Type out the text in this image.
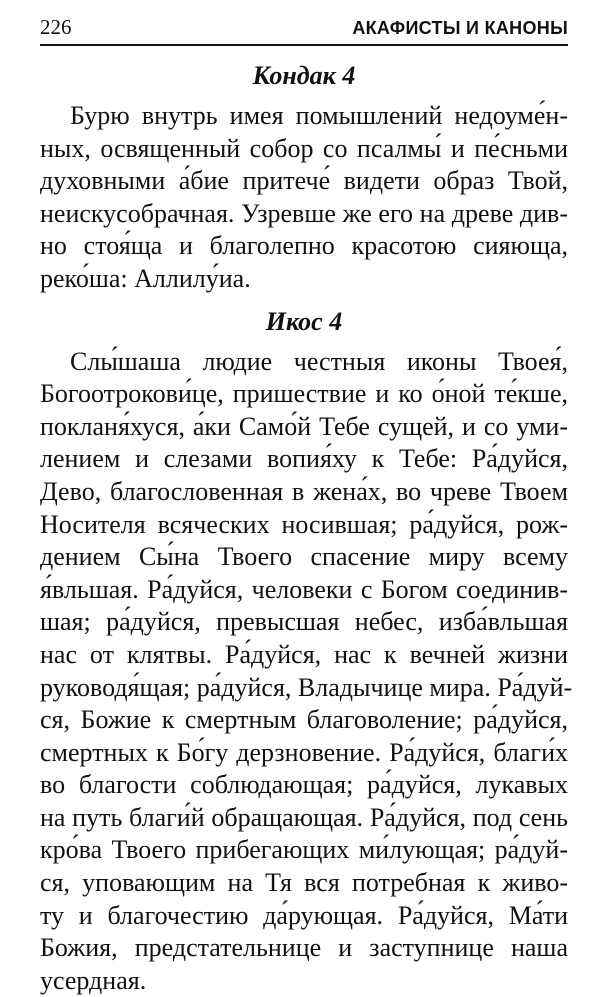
226	АКАФИСТЫ И КАНОНЫ
Кондак 4
Бурю внутрь имея помышлений недоуме́н-
ных, освященный собор со псалмы́ и пе́сньми
духовными а́бие притече́ видети образ Твой,
неискусобрачная. Узревше же его на древе див-
но стоя́ща и благолепно красотою сияюща,
реко́ша: Аллилу́иа.
Икос 4
Слы́шаша людие честныя иконы Твоея́,
Богоотрокови́це, пришествие и ко о́ной те́кше,
покланя́хуся, а́ки Само́й Тебе сущей, и со уми-
лением и слезами вопия́ху к Тебе: Ра́дуйся,
Дево, благословенная в жена́х, во чреве Твоем
Носителя всяческих носившая; ра́дуйся, рож-
дением Сы́на Твоего спасение миру всему
я́вльшая. Ра́дуйся, человеки с Богом соединив-
шая; ра́дуйся, превысшая небес, изба́вльшая
нас от клятвы. Ра́дуйся, нас к вечней жизни
руководя́щая; ра́дуйся, Владычице мира. Ра́дуй-
ся, Божие к смертным благоволение; ра́дуйся,
смертных к Бо́гу дерзновение. Ра́дуйся, благи́х
во благости соблюдающая; ра́дуйся, лукавых
на путь благи́й обращающая. Ра́дуйся, под сень
кро́ва Твоего прибегающих ми́лующая; ра́дуй-
ся, уповающим на Тя вся потребная к живо-
ту и благочестию да́рующая. Ра́дуйся, Ма́ти
Божия, предстательнице и заступнице наша
усердная.
